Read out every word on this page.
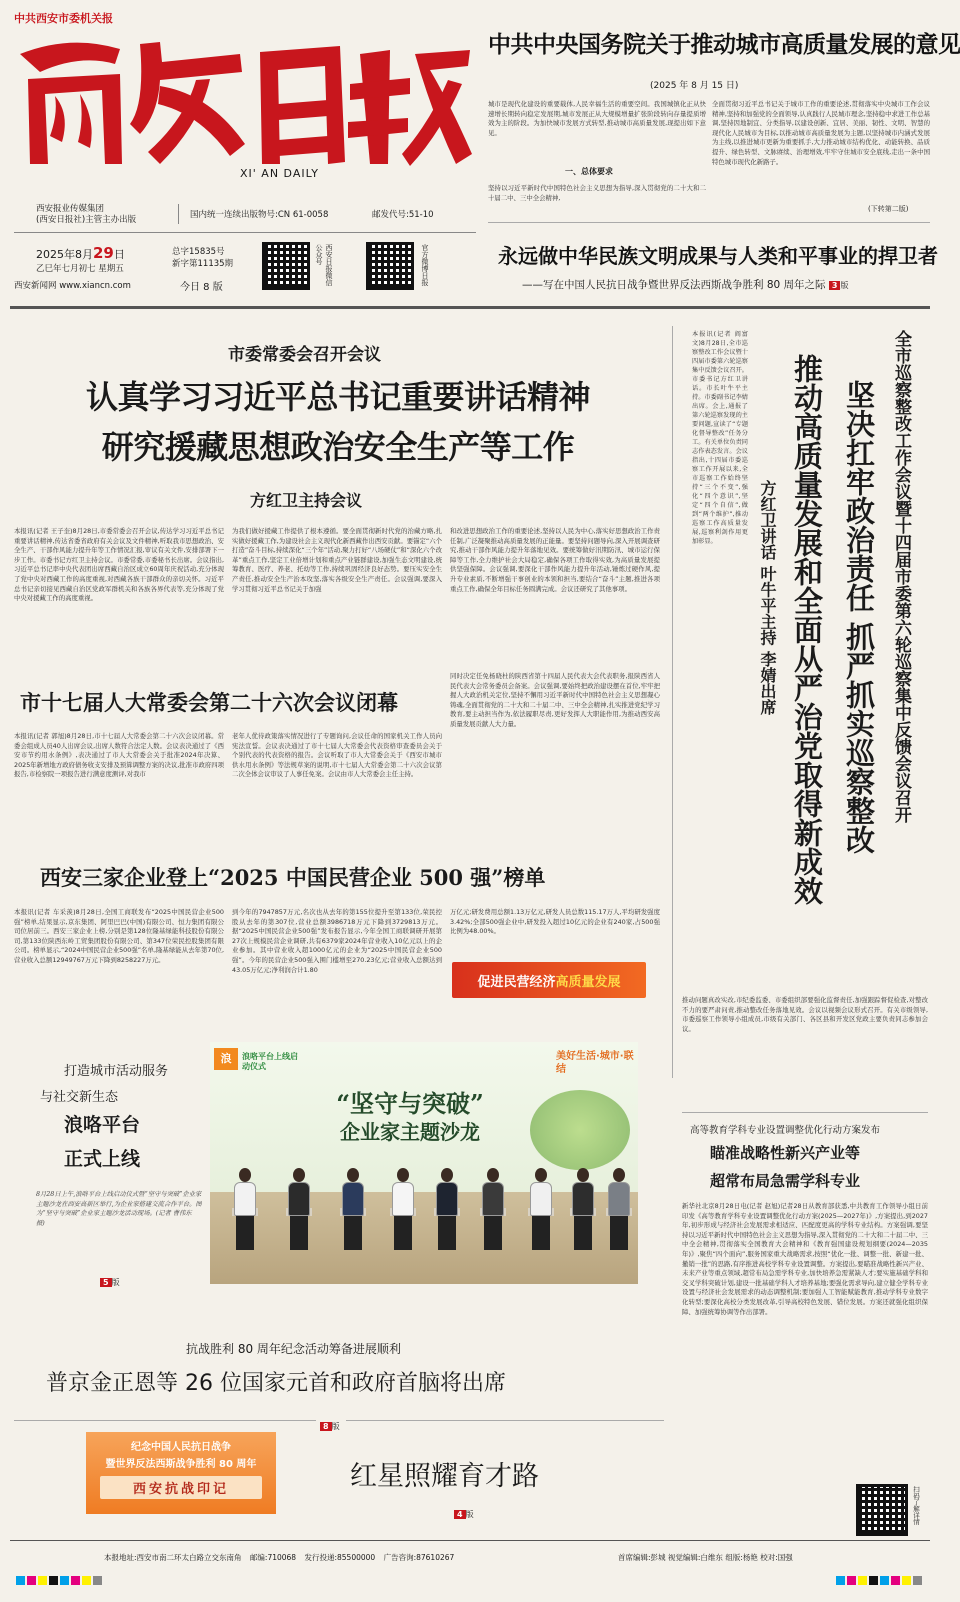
中共西安市委机关报
XI' AN DAILY
西安报业传媒集团
(西安日报社)主管主办出版	国内统一连续出版物号:CN 61-0058	邮发代号:51-10
2025年8月29日
乙巳年七月初七 星期五
西安新闻网 www.xiancn.com
总字15835号
新字第11135期
今日 8 版
西安日报微信公众号	官方微博日报
中共中央国务院关于推动城市高质量发展的意见
(2025 年 8 月 15 日)
城市是现代化建设的重要载体,人民幸福生活的重要空间。我国城镇化正从快速增长期转向稳定发展期,城市发展正从大规模增量扩张阶段转向存量提质增效为主的阶段。为加快城市发展方式转型,推动城市高质量发展,现提出如下意见。
一、总体要求
坚持以习近平新时代中国特色社会主义思想为指导,深入贯彻党的二十大和二十届二中、三中全会精神,
全面贯彻习近平总书记关于城市工作的重要论述,贯彻落实中央城市工作会议精神,坚持和加强党的全面领导,认真践行人民城市理念,坚持稳中求进工作总基调,坚持因地制宜、分类指导,以建设创新、宜居、美丽、韧性、文明、智慧的现代化人民城市为目标,以推动城市高质量发展为主题,以坚持城市内涵式发展为主线,以推进城市更新为重要抓手,大力推动城市结构优化、动能转换、品质提升、绿色转型、文脉赓续、治理增效,牢牢守住城市安全底线,走出一条中国特色城市现代化新路子。
(下转第二版)
永远做中华民族文明成果与人类和平事业的捍卫者
——写在中国人民抗日战争暨世界反法西斯战争胜利 80 周年之际 3 版
市委常委会召开会议
认真学习习近平总书记重要讲话精神
研究援藏思想政治安全生产等工作
方红卫主持会议
本报讯(记者 王子奎)8月28日,市委常委会召开会议,传达学习习近平总书记重要讲话精神,传达省委省政府有关会议及文件精神,听取我市思想政治、安全生产、干部作风能力提升年等工作情况汇报,审议有关文件,安排部署下一步工作。市委书记方红卫主持会议。市委常委,市委秘书长出席。会议指出,习近平总书记率中央代表团出席西藏自治区成立60周年庆祝活动,充分体现了党中央对西藏工作的高度重视,对西藏各族干部群众的亲切关怀。习近平总书记亲切接见西藏自治区党政军群机关和各族各界代表等,充分体现了党中央对援藏工作的高度重视。
为我们做好援藏工作提供了根本遵循。要全面贯彻新时代党的治藏方略,扎实做好援藏工作,为建设社会主义现代化新西藏作出西安贡献。要锚定“六个打造”奋斗目标,持续深化“三个年”活动,聚力打好“八场硬仗”和“深化六个改革”重点工作,坚定工业倍增计划和重点产业链群建设,加强生态文明建设,统筹教育、医疗、养老、托幼等工作,持续巩固经济良好态势。要压实安全生产责任,推动安全生产治本攻坚,落实各级安全生产责任。会议强调,要深入学习贯彻习近平总书记关于加强
和改进思想政治工作的重要论述,坚持以人民为中心,落实好思想政治工作责任制,广泛凝聚推动高质量发展的正能量。要坚持问题导向,深入开展调查研究,推动干部作风能力提升年落地见效。要统筹做好汛期防汛、城市运行保障等工作,全力维护社会大局稳定,确保各项工作取得实效,为高质量发展提供坚强保障。会议强调,要深化干部作风能力提升年活动,锤炼过硬作风,提升专业素质,不断增强干事创业的本领和担当,要结合“奋斗”主题,推进各项重点工作,确保全年目标任务圆满完成。会议还研究了其他事项。
市十七届人大常委会第二十六次会议闭幕
本报讯(记者 郭旭)8月28日,市十七届人大常委会第二十六次会议闭幕。常委会组成人员40人出席会议,出席人数符合法定人数。会议表决通过了《西安市节约用水条例》,表决通过了市人大常委会关于批准2024年决算、2025年新增地方政府债务收支安排及预算调整方案的决议,批准市政府四项报告,市检察院一项报告进行满意度测评,对我市
老年人优待政策落实情况进行了专题询问,会议任命的国家机关工作人员向宪法宣誓。会议表决通过了市十七届人大常委会代表资格审查委员会关于个别代表的代表资格的报告。会议听取了市人大常委会关于《西安市城市供水用水条例》等法规草案的说明,市十七届人大常委会第二十六次会议第二次全体会议审议了人事任免案。会议由市人大常委会主任主持。
同时决定任免杨晓杜的陕西省第十四届人民代表大会代表职务,报陕西省人民代表大会常务委员会备案。会议强调,要始终把政治建设摆在首位,牢牢把握人大政治机关定位,坚持不懈用习近平新时代中国特色社会主义思想凝心铸魂,全面贯彻党的二十大和二十届二中、三中全会精神,扎实推进党纪学习教育,要主动担当作为,依法履职尽责,更好发挥人大职能作用,为推动西安高质量发展贡献人大力量。
西安三家企业登上“2025 中国民营企业 500 强”榜单
本报讯(记者 车采羡)8月28日,全国工商联发布“2025中国民营企业500强”榜单,结果显示,京东集团、阿里巴巴(中国)有限公司、恒力集团有限公司位居前三。西安三家企业上榜,分别是第128位隆基绿能科技股份有限公司,第133位陕西东岭工贸集团股份有限公司、第347位荣民控股集团有限公司。榜单显示,“2024中国民营企业500强”名单,隆基绿能从去年第70位,营业收入总额12949767万元下降到8258227万元。
到今年的7947857万元,名次也从去年的第155位提升至第133位,荣民控股从去年的第307位,营业总额3986718万元下降到3729813万元。据“2025中国民营企业500强”发布报告显示,今年全国工商联调研开展第27次上规模民营企业调研,共有6379家2024年营业收入10亿元以上的企业参加。其中营业收入超1000亿元的企业为“2025中国民营企业500强”。今年的民营企业500强入围门槛增至270.23亿元;营业收入总额达到43.05万亿元;净利润合计1.80
万亿元;研发费用总额1.13万亿元,研发人员总数115.17万人,平均研发强度3.42%;全部500强企业中,研发投入超过10亿元的企业有240家,占500强比例为48.00%。
促进民营经济 高质量发展
全市巡察整改工作会议暨十四届市委第六轮巡察集中反馈会议召开
坚决扛牢政治责任 抓严抓实巡察整改
推动高质量发展和全面从严治党取得新成效
方红卫讲话 叶牛平主持 李婧出席
本报讯(记者 阎富文)8月28日,全市巡察整改工作会议暨十四届市委第六轮巡察集中反馈会议召开。市委书记方红卫讲话。市长叶牛平主持。市委副书记李婧出席。会上,通报了第六轮巡察发现的主要问题,宣读了“专题化督导整改”任务分工。有关单位负责同志作表态发言。会议指出,十四届市委巡察工作开展以来,全市巡察工作始终坚持“三个不变”,强化“四个意识”,坚定“四个自信”,做到“两个维护”,推动巡察工作高质量发展,巡察利剑作用更加彰显。
推动问题真改实改,市纪委监委、市委组织部要强化监督责任,加强跟踪督促检查,对整改不力的要严肃问责,推动整改任务落地见效。会议以视频会议形式召开。有关市级领导,市委巡察工作领导小组成员,市级有关部门、各区县和开发区党政主要负责同志参加会议。
打造城市活动服务
与社交新生态
浪咯平台
正式上线
8月28日上午,浪咯平台上线启动仪式暨“坚守与突破”企业家主题沙龙在西安高新区举行,为企业家搭建交流合作平台。图为“坚守与突破”企业家主题沙龙活动现场。(记者 曹伟东 摄)
5 版
浪	浪咯平台上线启动仪式
“坚守与突破”
企业家主题沙龙
美好生活·城市·联结
高等教育学科专业设置调整优化行动方案发布
瞄准战略性新兴产业等
超常布局急需学科专业
新华社北京8月28日电(记者 赵旭)记者28日从教育部获悉,中共教育工作领导小组日前印发《高等教育学科专业设置调整优化行动方案(2025—2027年)》,方案提出,到2027年,初步形成与经济社会发展需求相适应、匹配度更高的学科专业结构。方案强调,要坚持以习近平新时代中国特色社会主义思想为指导,深入贯彻党的二十大和二十届二中、三中全会精神,贯彻落实全国教育大会精神和《教育强国建设规划纲要(2024—2035年)》,聚焦“四个面向”,服务国家重大战略需求,按照“优化一批、调整一批、新建一批、撤销一批”的思路,有序推进高校学科专业设置调整。方案提出,要瞄准战略性新兴产业、未来产业等重点领域,超常布局急需学科专业,加快培养急需紧缺人才;要实施基础学科和交叉学科突破计划,建设一批基础学科人才培养基地;要强化需求导向,建立健全学科专业设置与经济社会发展需求的动态调整机制;要加强人工智能赋能教育,推动学科专业数字化转型;要深化高校分类发展改革,引导高校特色发展、错位发展。方案还就强化组织保障、加强统筹协调等作出部署。
扫码了解详情
抗战胜利 80 周年纪念活动筹备进展顺利
普京金正恩等 26 位国家元首和政府首脑将出席
8 版
纪念中国人民抗日战争
暨世界反法西斯战争胜利 80 周年
西安抗战印记	红星照耀育才路
4 版
本报地址:西安市南二环太白路立交东南角 邮编:710068 发行投递:85500000 广告咨询:87610267	首席编辑:彭城 视觉编辑:白维东 组版:杨艳 校对:国强
